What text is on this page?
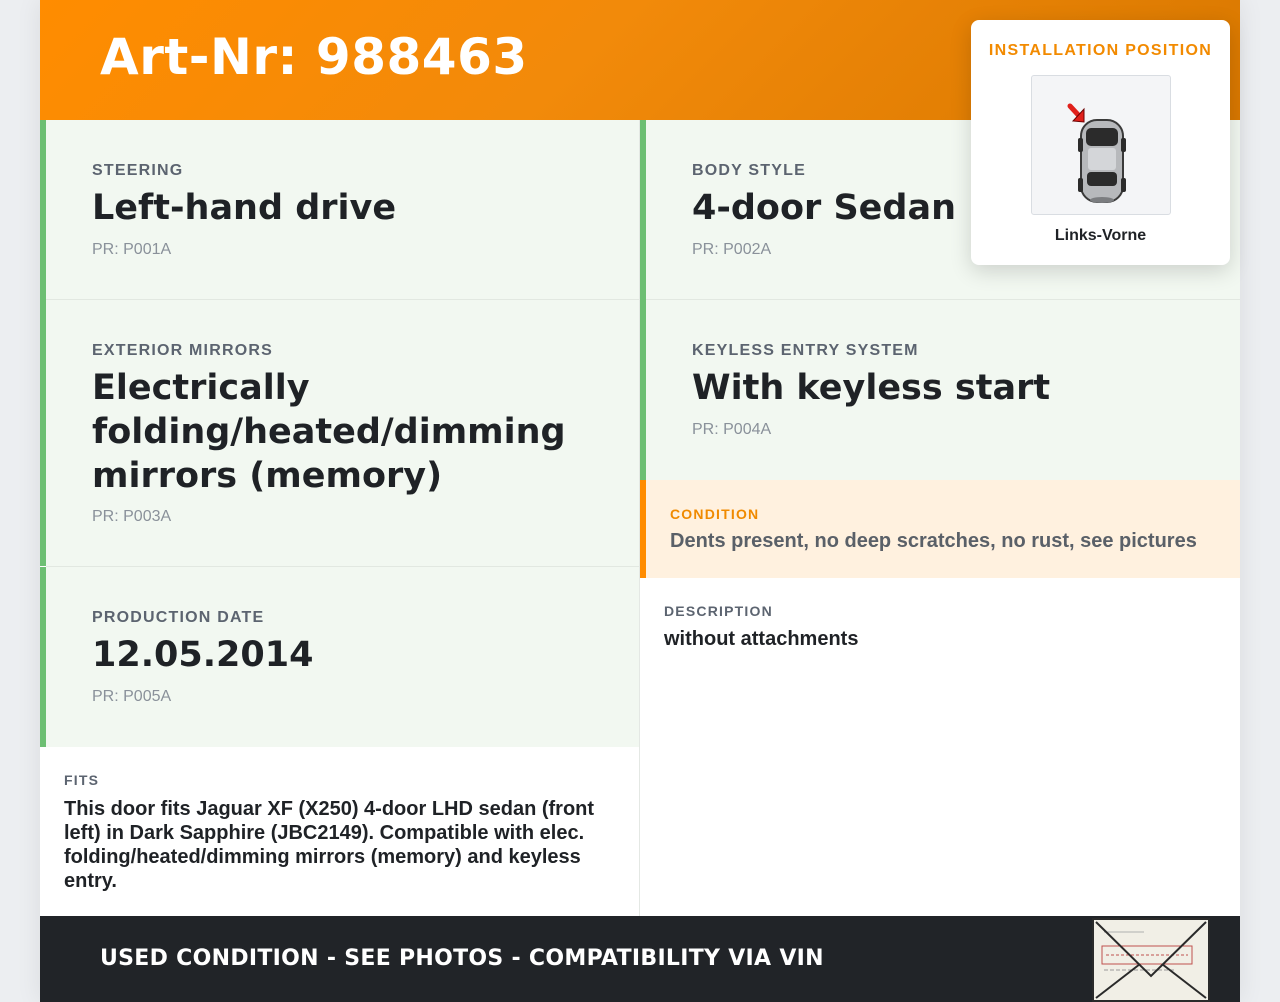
Art-Nr: 988463
STEERING
Left-hand drive
PR: P001A
BODY STYLE
4-door Sedan
PR: P002A
EXTERIOR MIRRORS
Electrically
folding/heated/dimming
mirrors (memory)
PR: P003A
KEYLESS ENTRY SYSTEM
With keyless start
PR: P004A
PRODUCTION DATE
12.05.2014
PR: P005A
CONDITION
Dents present, no deep scratches, no rust, see pictures
DESCRIPTION
without attachments
FITS
This door fits Jaguar XF (X250) 4-door LHD sedan (front left) in Dark Sapphire (JBC2149). Compatible with elec. folding/heated/dimming mirrors (memory) and keyless entry.
USED CONDITION - SEE PHOTOS - COMPATIBILITY VIA VIN
INSTALLATION POSITION
Links-Vorne
